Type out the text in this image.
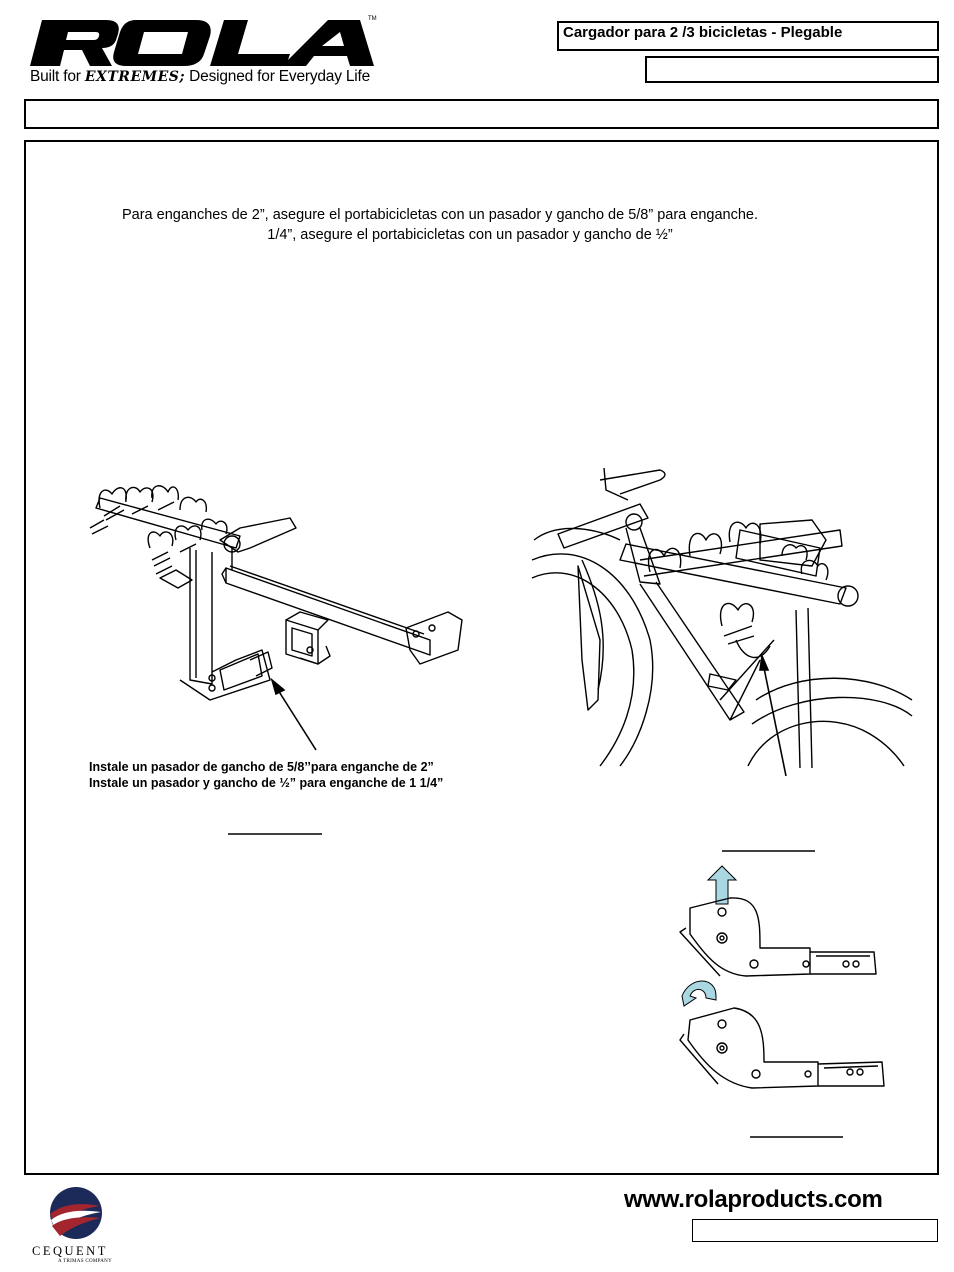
TM
Built for EXTREMES; Designed for Everyday Life
Cargador para 2 /3 bicicletas - Plegable
Para enganches de 2”, asegure el portabicicletas con un pasador y gancho de 5/8” para enganche.
1/4”, asegure el portabicicletas con un pasador y gancho de ½”
Instale un pasador de gancho de 5/8’’para enganche de 2”
Instale un pasador y gancho de ½” para enganche de 1 1/4”
CEQUENT
A TRIMAS COMPANY
www.rolaproducts.com
